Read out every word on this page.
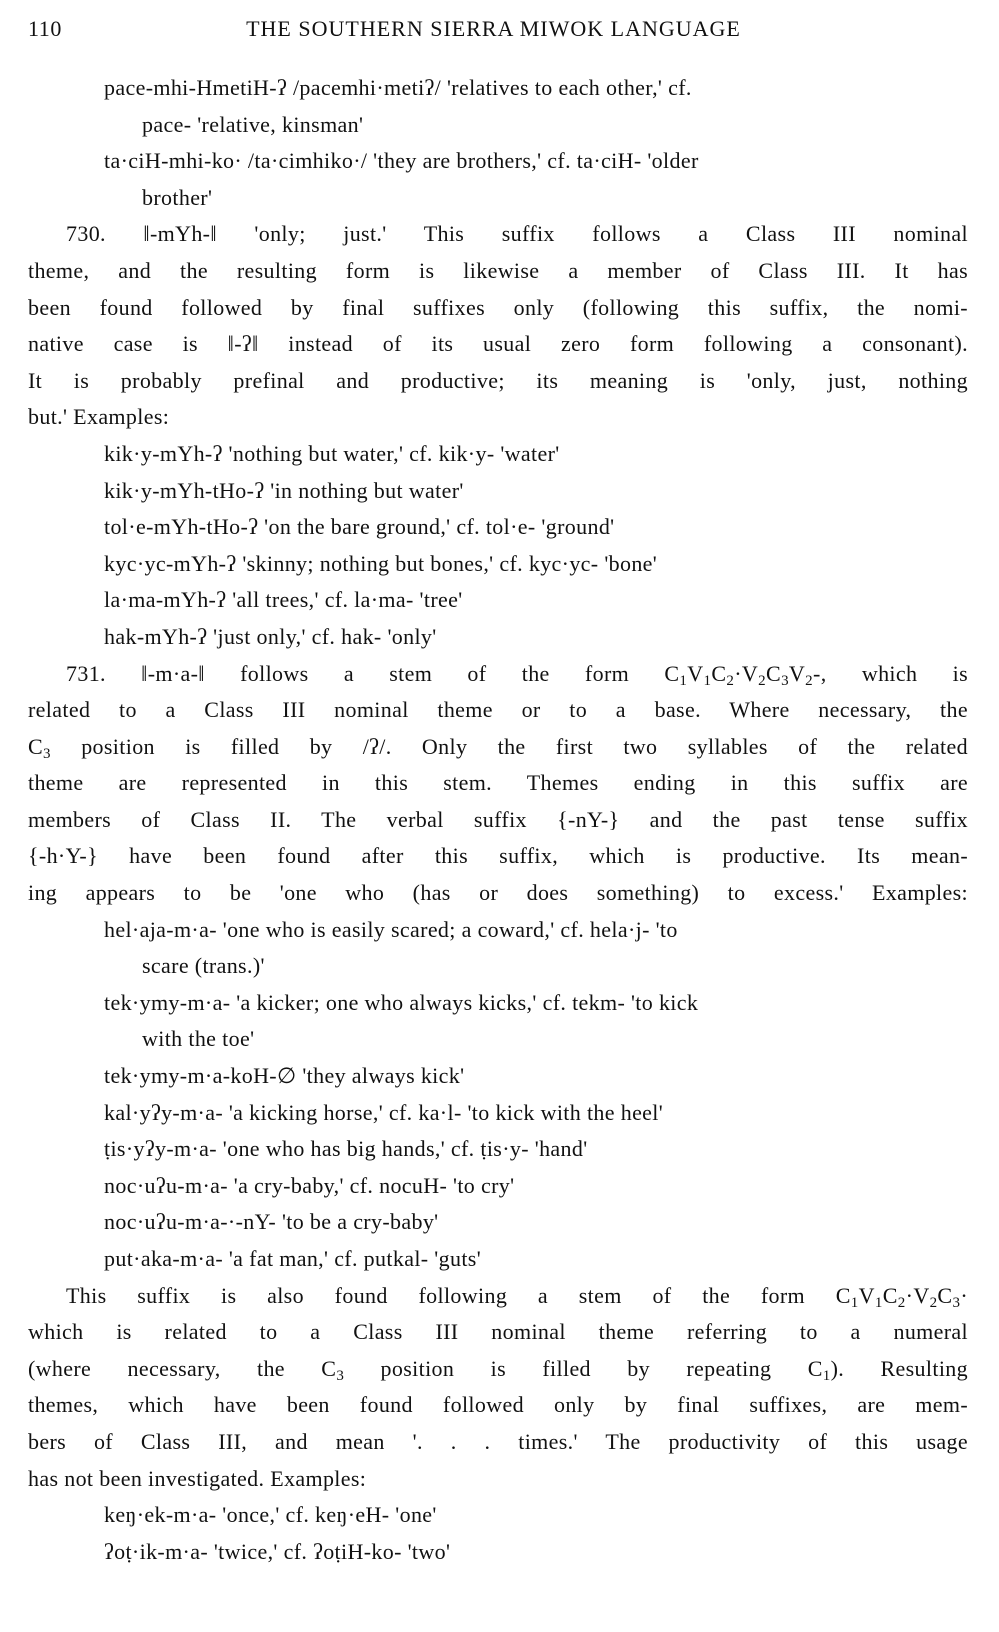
110	THE SOUTHERN SIERRA MIWOK LANGUAGE
pace-mhi-HmetiH-ʔ /pacemhi·metiʔ/ 'relatives to each other,' cf.
pace- 'relative, kinsman'
ta·ciH-mhi-ko· /ta·cimhiko·/ 'they are brothers,' cf. ta·ciH- 'older
brother'
730. ‖-mYh-‖ 'only; just.' This suffix follows a Class III nominal
theme, and the resulting form is likewise a member of Class III. It has
been found followed by final suffixes only (following this suffix, the nomi-
native case is ‖-ʔ‖ instead of its usual zero form following a consonant).
It is probably prefinal and productive; its meaning is 'only, just, nothing
but.' Examples:
kik·y-mYh-ʔ 'nothing but water,' cf. kik·y- 'water'
kik·y-mYh-tHo-ʔ 'in nothing but water'
tol·e-mYh-tHo-ʔ 'on the bare ground,' cf. tol·e- 'ground'
kyc·yc-mYh-ʔ 'skinny; nothing but bones,' cf. kyc·yc- 'bone'
la·ma-mYh-ʔ 'all trees,' cf. la·ma- 'tree'
hak-mYh-ʔ 'just only,' cf. hak- 'only'
731. ‖-m·a-‖ follows a stem of the form $C_1V_1C_2\cdot V_2C_3V_2-$, which is
related to a Class III nominal theme or to a base. Where necessary, the
$C_3$ position is filled by /ʔ/. Only the first two syllables of the related
theme are represented in this stem. Themes ending in this suffix are
members of Class II. The verbal suffix {-nY-} and the past tense suffix
{-h·Y-} have been found after this suffix, which is productive. Its mean-
ing appears to be 'one who (has or does something) to excess.' Examples:
hel·aja-m·a- 'one who is easily scared; a coward,' cf. hela·j- 'to
scare (trans.)'
tek·ymy-m·a- 'a kicker; one who always kicks,' cf. tekm- 'to kick
with the toe'
tek·ymy-m·a-koH-∅ 'they always kick'
kal·yʔy-m·a- 'a kicking horse,' cf. ka·l- 'to kick with the heel'
ṭis·yʔy-m·a- 'one who has big hands,' cf. ṭis·y- 'hand'
noc·uʔu-m·a- 'a cry-baby,' cf. nocuH- 'to cry'
noc·uʔu-m·a-·-nY- 'to be a cry-baby'
put·aka-m·a- 'a fat man,' cf. putkal- 'guts'
This suffix is also found following a stem of the form $C_1V_1C_2\cdot V_2C_3\cdot$
which is related to a Class III nominal theme referring to a numeral
(where necessary, the $C_3$ position is filled by repeating $C_1$). Resulting
themes, which have been found followed only by final suffixes, are mem-
bers of Class III, and mean '. . . times.' The productivity of this usage
has not been investigated. Examples:
keŋ·ek-m·a- 'once,' cf. keŋ·eH- 'one'
ʔoṭ·ik-m·a- 'twice,' cf. ʔoṭiH-ko- 'two'
